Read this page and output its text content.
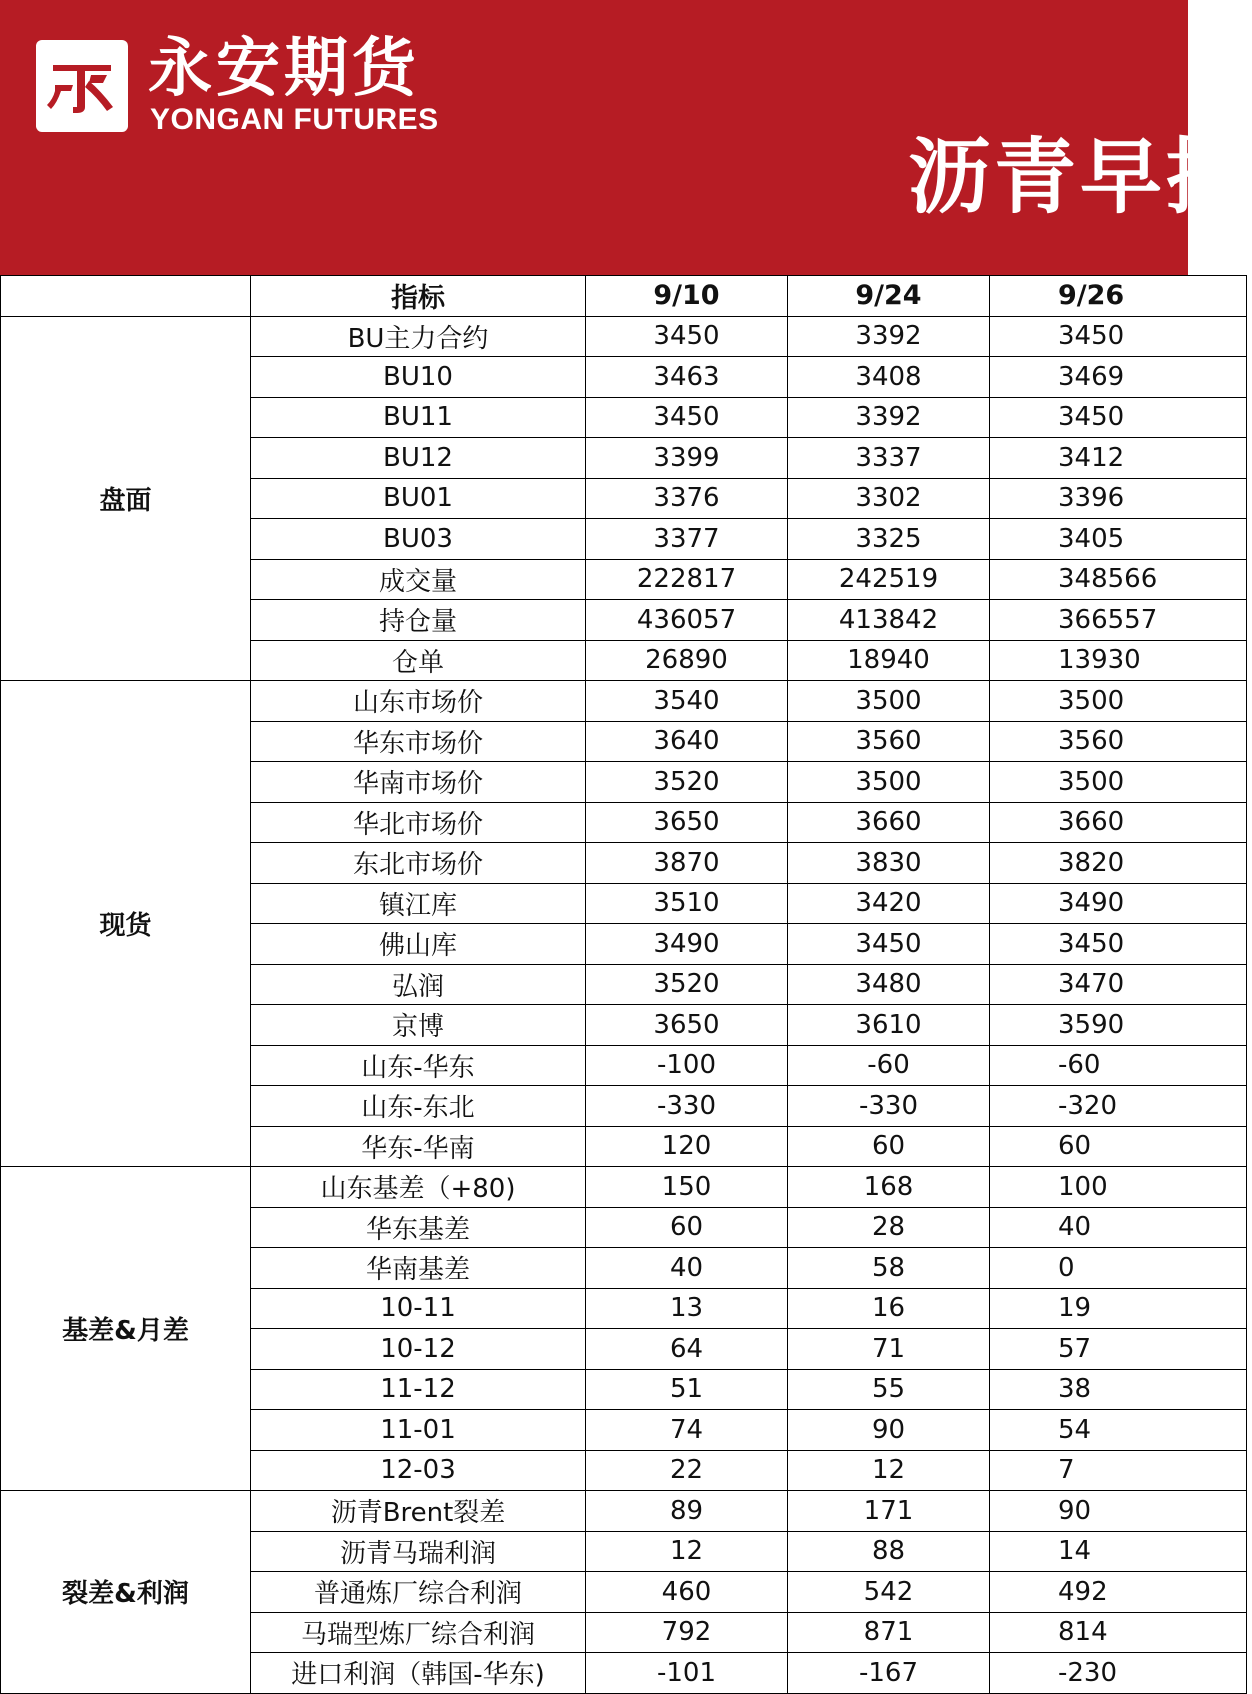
永安期货
YONGAN FUTURES
沥青早报
	指标	9/10	9/24	9/26
盘面	BU主力合约	3450	3392	3450
	BU10	3463	3408	3469
	BU11	3450	3392	3450
	BU12	3399	3337	3412
	BU01	3376	3302	3396
	BU03	3377	3325	3405
	成交量	222817	242519	348566
	持仓量	436057	413842	366557
	仓单	26890	18940	13930
现货	山东市场价	3540	3500	3500
	华东市场价	3640	3560	3560
	华南市场价	3520	3500	3500
	华北市场价	3650	3660	3660
	东北市场价	3870	3830	3820
	镇江库	3510	3420	3490
	佛山库	3490	3450	3450
	弘润	3520	3480	3470
	京博	3650	3610	3590
	山东-华东	-100	-60	-60
	山东-东北	-330	-330	-320
	华东-华南	120	60	60
基差&月差	山东基差（+80)	150	168	100
	华东基差	60	28	40
	华南基差	40	58	0
	10-11	13	16	19
	10-12	64	71	57
	11-12	51	55	38
	11-01	74	90	54
	12-03	22	12	7
裂差&利润	沥青Brent裂差	89	171	90
	沥青马瑞利润	12	88	14
	普通炼厂综合利润	460	542	492
	马瑞型炼厂综合利润	792	871	814
	进口利润（韩国-华东)	-101	-167	-230
